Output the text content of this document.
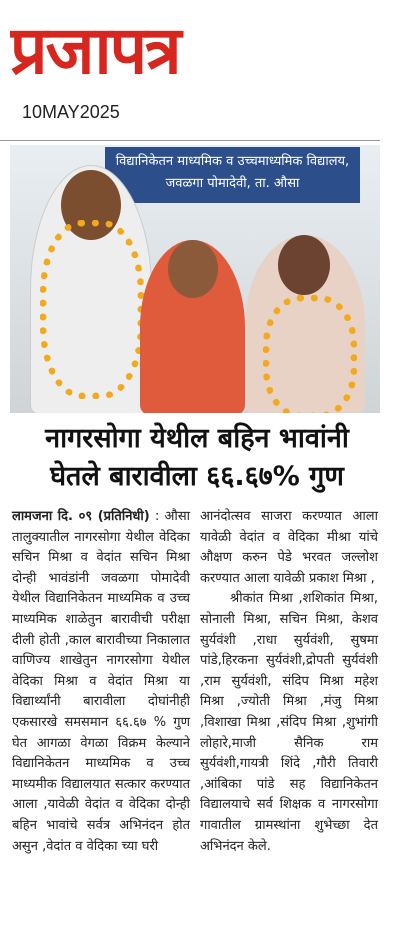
प्रजापत्र
10MAY2025
विद्यानिकेतन माध्यमिक व उच्चमाध्यमिक विद्यालय,
जवळगा पोमादेवी, ता. औसा
नागरसोगा येथील बहिन भावांनी
घेतले बारावीला ६६.६७% गुण
लामजना दि. ०९ (प्रतिनिधी) : औसा तालुक्यातील नागरसोगा येथील वेदिका सचिन मिश्रा व वेदांत सचिन मिश्रा दोन्ही भावंडांनी जवळगा पोमादेवी येथील विद्यानिकेतन माध्यमिक व उच्च माध्यमिक शाळेतुन बारावीची परीक्षा दीली होती ,काल बारावीच्या निकालात वाणिज्य शाखेतुन नागरसोगा येथील वेदिका मिश्रा व वेदांत मिश्रा या विद्यार्थ्यांनी बारावीला दोघांनीही एकसारखे समसमान ६६.६७ % गुण घेत आगळा वेगळा विक्रम केल्याने विद्यानिकेतन माध्यमिक व उच्च माध्यमीक विद्यालयात सत्कार करण्यात आला ,यावेळी वेदांत व वेदिका दोन्ही बहिन भावांचे सर्वत्र अभिनंदन होत असुन ,वेदांत व वेदिका च्या घरी
आनंदोत्सव साजरा करण्यात आला यावेळी वेदांत व वेदिका मीश्रा यांचे औक्षण करुन पेडे भरवत जल्लोश करण्यात आला यावेळी प्रकाश मिश्रा ,
श्रीकांत मिश्रा ,शशिकांत मिश्रा, सोनाली मिश्रा, सचिन मिश्रा, केशव सुर्यवंशी ,राधा सुर्यवंशी, सुषमा पांडे,हिरकना सुर्यवंशी,द्रोपती सुर्यवंशी ,राम सुर्यवंशी, संदिप मिश्रा महेश मिश्रा ,ज्योती मिश्रा ,मंजु मिश्रा ,विशाखा मिश्रा ,संदिप मिश्रा ,शुभांगी लोहारे,माजी सैनिक राम सुर्यवंशी,गायत्री शिंदे ,गौरी तिवारी ,आंबिका पांडे सह विद्यानिकेतन विद्यालयाचे सर्व शिक्षक व नागरसोगा गावातील ग्रामस्थांना शुभेच्छा देत अभिनंदन केले.
